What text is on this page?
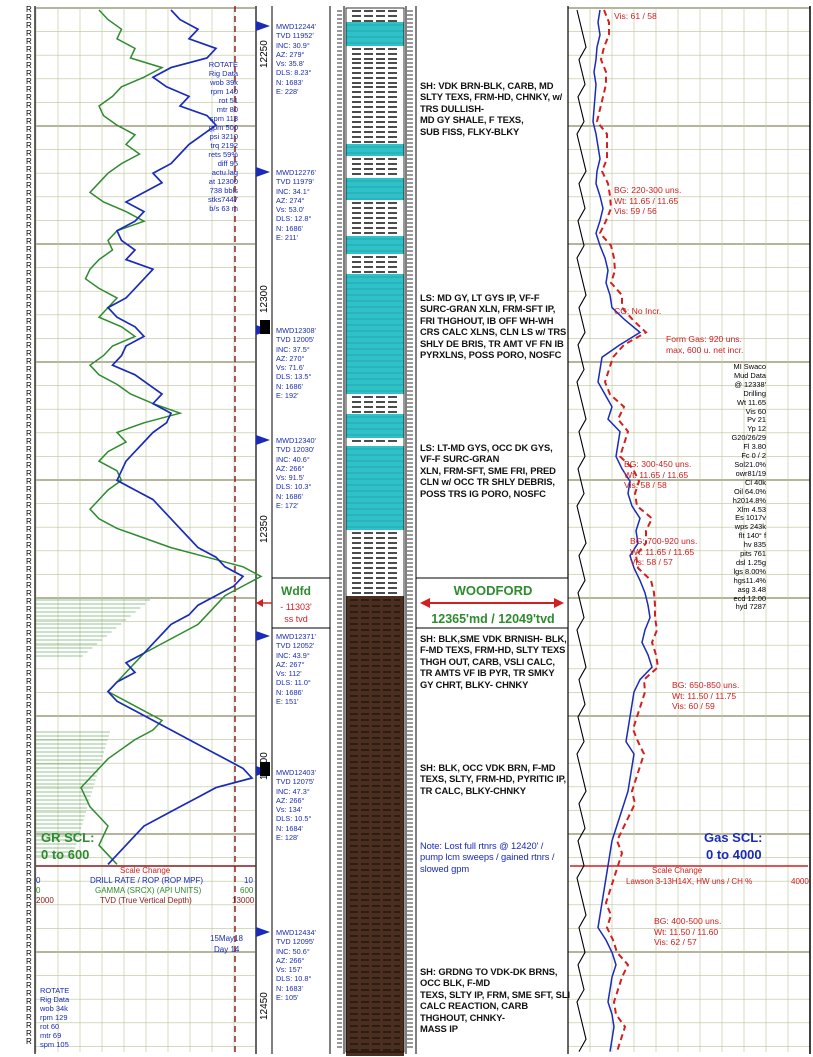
R
R
R
R
R
R
R
R
R
R
R
R
R
R
R
R
R
R
R
R
R
R
R
R
R
R
R
R
R
R
R
R
R
R
R
R
R
R
R
R
R
R
R
R
R
R
R
R
R
R
R
R
R
R
R
R
R
R
R
R
R
R
R
R
R
R
R
R
R
R
R
R
R
R
R
R
R
R
R
R
R
R
R
R
R
R
R
R
R
R
R
R
R
R
R
R
R
R
R
R
R
R
R
R
R
R
R
R
R
R
R
R
R
R
R
R
R
R
R
R
R
R
R
R
R
R
R
R
R
R
12250
12300
12350
12400
12450
ROTATE
Rig Data
wob 39k
rpm 140
rot 51
mtr 80
spm 118
gpm 500
psi 3210
trq 2192
rets 59%
diff 95
actu.lag
at 12300
738 bbls
stks7447
b/s 63 m
ROTATE
Rig Data
wob 34k
rpm 129
rot 60
mtr 69
spm 105
MWD12244'
TVD 11952'
INC: 30.9°
AZ: 279°
Vs: 35.8'
DLS: 8.23°
N: 1683'
E: 228'
MWD12276'
TVD 11979'
INC: 34.1°
AZ: 274°
Vs: 53.0'
DLS: 12.8°
N: 1686'
E: 211'
MWD12308'
TVD 12005'
INC: 37.5°
AZ: 270°
Vs: 71.6'
DLS: 13.5°
N: 1686'
E: 192'
MWD12340'
TVD 12030'
INC: 40.6°
AZ: 266°
Vs: 91.5'
DLS: 10.3°
N: 1686'
E: 172'
MWD12371'
TVD 12052'
INC: 43.9°
AZ: 267°
Vs: 112'
DLS: 11.0°
N: 1686'
E: 151'
MWD12403'
TVD 12075'
INC: 47.3°
AZ: 266°
Vs: 134'
DLS: 10.5°
N: 1684'
E: 128'
MWD12434'
TVD 12095'
INC: 50.6°
AZ: 266°
Vs: 157'
DLS: 10.8°
N: 1683'
E: 105'
SH: VDK BRN-BLK, CARB, MD
SLTY TEXS, FRM-HD, CHNKY, w/
TRS DULLISH-
MD GY SHALE, F TEXS,
SUB FISS, FLKY-BLKY
LS: MD GY, LT GYS IP, VF-F
SURC-GRAN XLN, FRM-SFT IP,
FRI THGHOUT, IB OFF WH-WH
CRS CALC XLNS, CLN LS w/ TRS
SHLY DE BRIS, TR AMT VF FN IB
PYRXLNS, POSS PORO, NOSFC
LS: LT-MD GYS, OCC DK GYS,
VF-F SURC-GRAN
XLN, FRM-SFT, SME FRI, PRED
CLN w/ OCC TR SHLY DEBRIS,
POSS TRS IG PORO, NOSFC
SH: BLK,SME VDK BRNISH- BLK,
F-MD TEXS, FRM-HD, SLTY TEXS
THGH OUT, CARB, VSLI CALC,
TR AMTS VF IB PYR, TR SMKY
GY CHRT, BLKY- CHNKY
SH: BLK, OCC VDK BRN, F-MD
TEXS, SLTY, FRM-HD, PYRITIC IP,
TR CALC, BLKY-CHNKY
SH: GRDNG TO VDK-DK BRNS,
OCC BLK, F-MD
TEXS, SLTY IP, FRM, SME SFT, SLI
CALC REACTION, CARB
THGHOUT, CHNKY-
MASS IP
Note: Lost full rtnrs @ 12420' /
pump lcm sweeps / gained rtnrs /
slowed gpm
WOODFORD
12365'md / 12049'tvd
Wdfd
- 11303'
ss tvd
Vis: 61 / 58
BG: 220-300 uns.
Wt: 11.65 / 11.65
Vis: 59 / 56
CG: No Incr.
Form Gas: 920 uns.
max, 600 u. net incr.
BG: 300-450 uns.
Wt: 11.65 / 11.65
Vis: 58 / 58
BG: 700-920 uns.
Wt: 11.65 / 11.65
Vis: 58 / 57
BG: 650-850 uns.
Wt: 11.50 / 11.75
Vis: 60 / 59
BG: 400-500 uns.
Wt: 11.50 / 11.60
Vis: 62 / 57
MI Swaco
Mud Data
@ 12338'
Drilling
Wt 11.65
Vis 60
Pv 21
Yp 12
G20/26/29
Fl 3.80
Fc 0 / 2
Sol21.0%
owr81/19
Cl 40k
Oil 64.0%
h2014.8%
Xlm 4.53
Es 1017v
wps 243k
flt 140° f
hv 835
pits 761
dsl 1.25g
lgs 8.00%
hgs11.4%
asg 3.48
ecd 12.00
hyd 7287
GR SCL:
0 to 600
Gas SCL:
0 to 4000
Scale Change
DRILL RATE / ROP (ROP MPF)
GAMMA (SRCX) (API UNITS)
TVD (True Vertical Depth)
0
0
2000
10
600
13000
15May18
Day 14
Scale Change
Lawson 3-13H14X, HW uns / CH %	4000
